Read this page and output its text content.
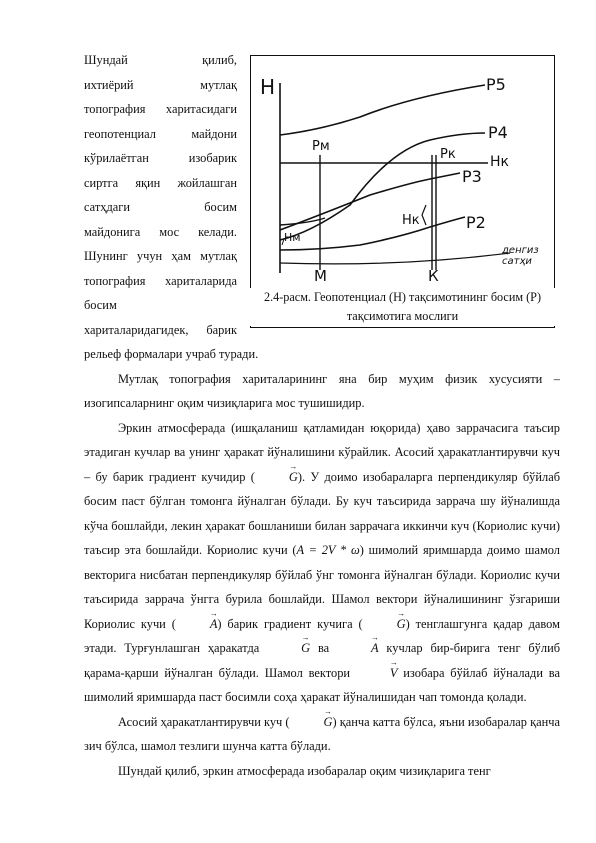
Шундай қилиб,
ихтиёрий мутлақ
топография харитасидаги
геопотенциал майдони
кўрилаётган изобарик
сиртга яқин жойлашган
сатҳдаги босим
майдонига мос келади.
Шунинг учун ҳам мутлақ
топография хариталарида
босим
хариталаридагидек, барик
Н	P5
P4
P3
P2
Pм
Pк Нк
Нк
Нм
М	К
денгиз сатҳи
2.4-расм. Геопотенциал (Н) тақсимотининг босим (Р) тақсимотига мослиги

рельеф формалари учраб туради.

Мутлақ топография хариталарининг яна бир муҳим физик хусусияти – изогипсаларнинг оқим чизиқларига мос тушишидир.

Эркин атмосферада (ишқаланиш қатламидан юқорида) ҳаво заррачасига таъсир этадиган кучлар ва унинг ҳаракат йўналишини кўрайлик. Асосий ҳаракатлантирувчи куч – бу барик градиент кучидир (	→ G). У доимо изобараларга перпендикуляр бўйлаб босим паст бўлган томонга йўналган бўлади. Бу куч таъсирида заррача шу йўналишда кўча бошлайди, лекин ҳаракат бошланиши билан заррачага иккинчи куч (Кориолис кучи) таъсир эта бошлайди. Кориолис кучи (A = 2V * ω) шимолий яримшарда доимо шамол векторига нисбатан перпендикуляр бўйлаб ўнг томонга йўналган бўлади. Кориолис кучи таъсирида заррача ўнгга бурила бошлайди. Шамол вектори йўналишининг ўзгариши Кориолис кучи (	→ A) барик градиент кучига (	→ G) тенглашгунга қадар давом этади. Турғунлашган ҳаракатда	→ G ва	→ A кучлар бир-бирига тенг бўлиб қарама-қарши йўналган бўлади. Шамол вектори	→ V изобара бўйлаб йўналади ва шимолий яримшарда паст босимли соҳа ҳаракат йўналишидан чап томонда қолади.

Асосий ҳаракатлантирувчи куч (	→ G) қанча катта бўлса, яъни изобаралар қанча зич бўлса, шамол тезлиги шунча катта бўлади.

Шундай қилиб, эркин атмосферада изобаралар оқим чизиқларига тенг
